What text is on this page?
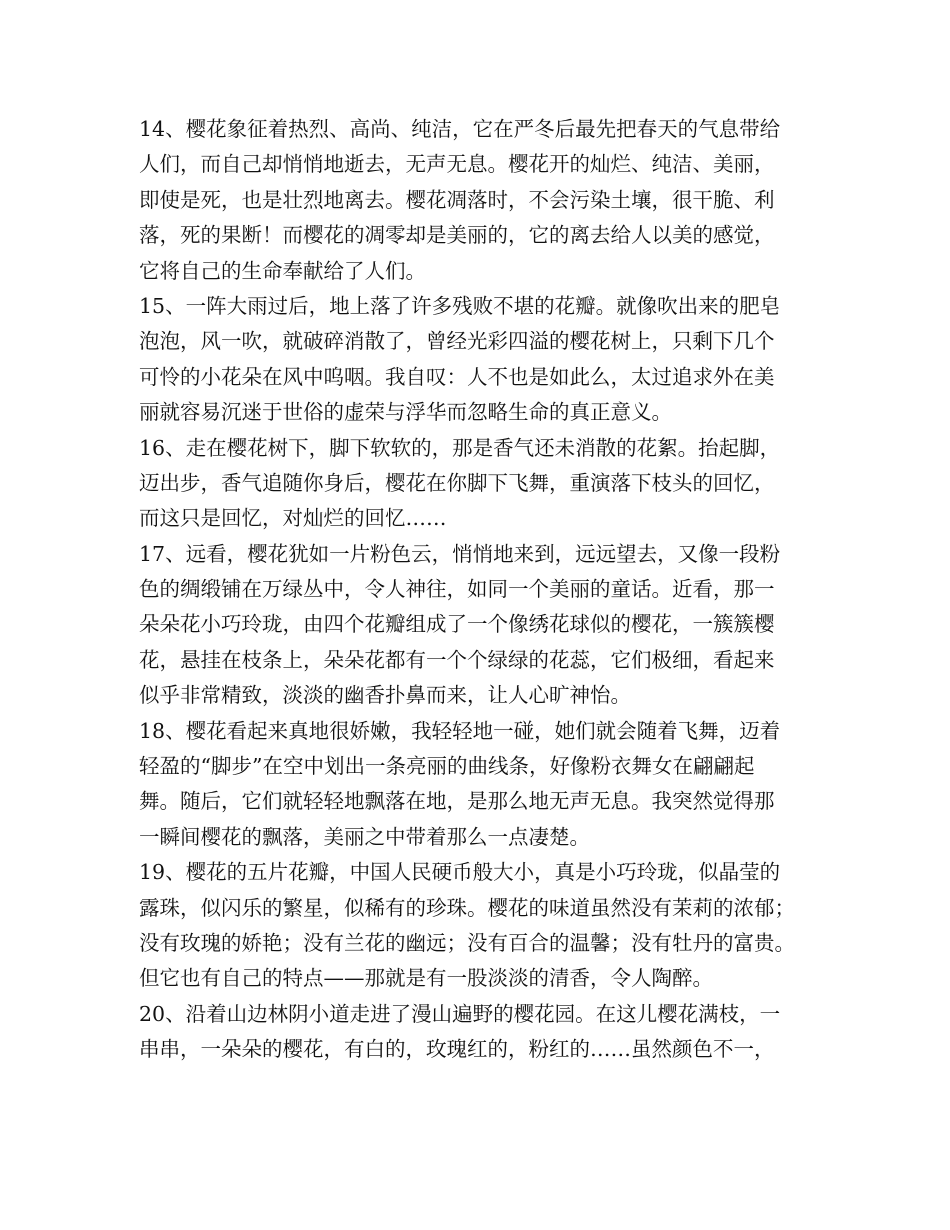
14、樱花象征着热烈、高尚、纯洁，它在严冬后最先把春天的气息带给
人们，而自己却悄悄地逝去，无声无息。樱花开的灿烂、纯洁、美丽，
即使是死，也是壮烈地离去。樱花凋落时，不会污染土壤，很干脆、利
落，死的果断！而樱花的凋零却是美丽的，它的离去给人以美的感觉，
它将自己的生命奉献给了人们。

15、一阵大雨过后，地上落了许多残败不堪的花瓣。就像吹出来的肥皂
泡泡，风一吹，就破碎消散了，曾经光彩四溢的樱花树上，只剩下几个
可怜的小花朵在风中呜咽。我自叹：人不也是如此么，太过追求外在美
丽就容易沉迷于世俗的虚荣与浮华而忽略生命的真正意义。

16、走在樱花树下，脚下软软的，那是香气还未消散的花絮。抬起脚，
迈出步，香气追随你身后，樱花在你脚下飞舞，重演落下枝头的回忆，
而这只是回忆，对灿烂的回忆……

17、远看，樱花犹如一片粉色云，悄悄地来到，远远望去，又像一段粉
色的绸缎铺在万绿丛中，令人神往，如同一个美丽的童话。近看，那一
朵朵花小巧玲珑，由四个花瓣组成了一个像绣花球似的樱花，一簇簇樱
花，悬挂在枝条上，朵朵花都有一个个绿绿的花蕊，它们极细，看起来
似乎非常精致，淡淡的幽香扑鼻而来，让人心旷神怡。

18、樱花看起来真地很娇嫩，我轻轻地一碰，她们就会随着飞舞，迈着
轻盈的“脚步”在空中划出一条亮丽的曲线条，好像粉衣舞女在翩翩起
舞。随后，它们就轻轻地飘落在地，是那么地无声无息。我突然觉得那
一瞬间樱花的飘落，美丽之中带着那么一点凄楚。

19、樱花的五片花瓣，中国人民硬币般大小，真是小巧玲珑，似晶莹的
露珠，似闪乐的繁星，似稀有的珍珠。樱花的味道虽然没有茉莉的浓郁；
没有玫瑰的娇艳；没有兰花的幽远；没有百合的温馨；没有牡丹的富贵。
但它也有自己的特点——那就是有一股淡淡的清香，令人陶醉。

20、沿着山边林阴小道走进了漫山遍野的樱花园。在这儿樱花满枝，一
串串，一朵朵的樱花，有白的，玫瑰红的，粉红的……虽然颜色不一，
